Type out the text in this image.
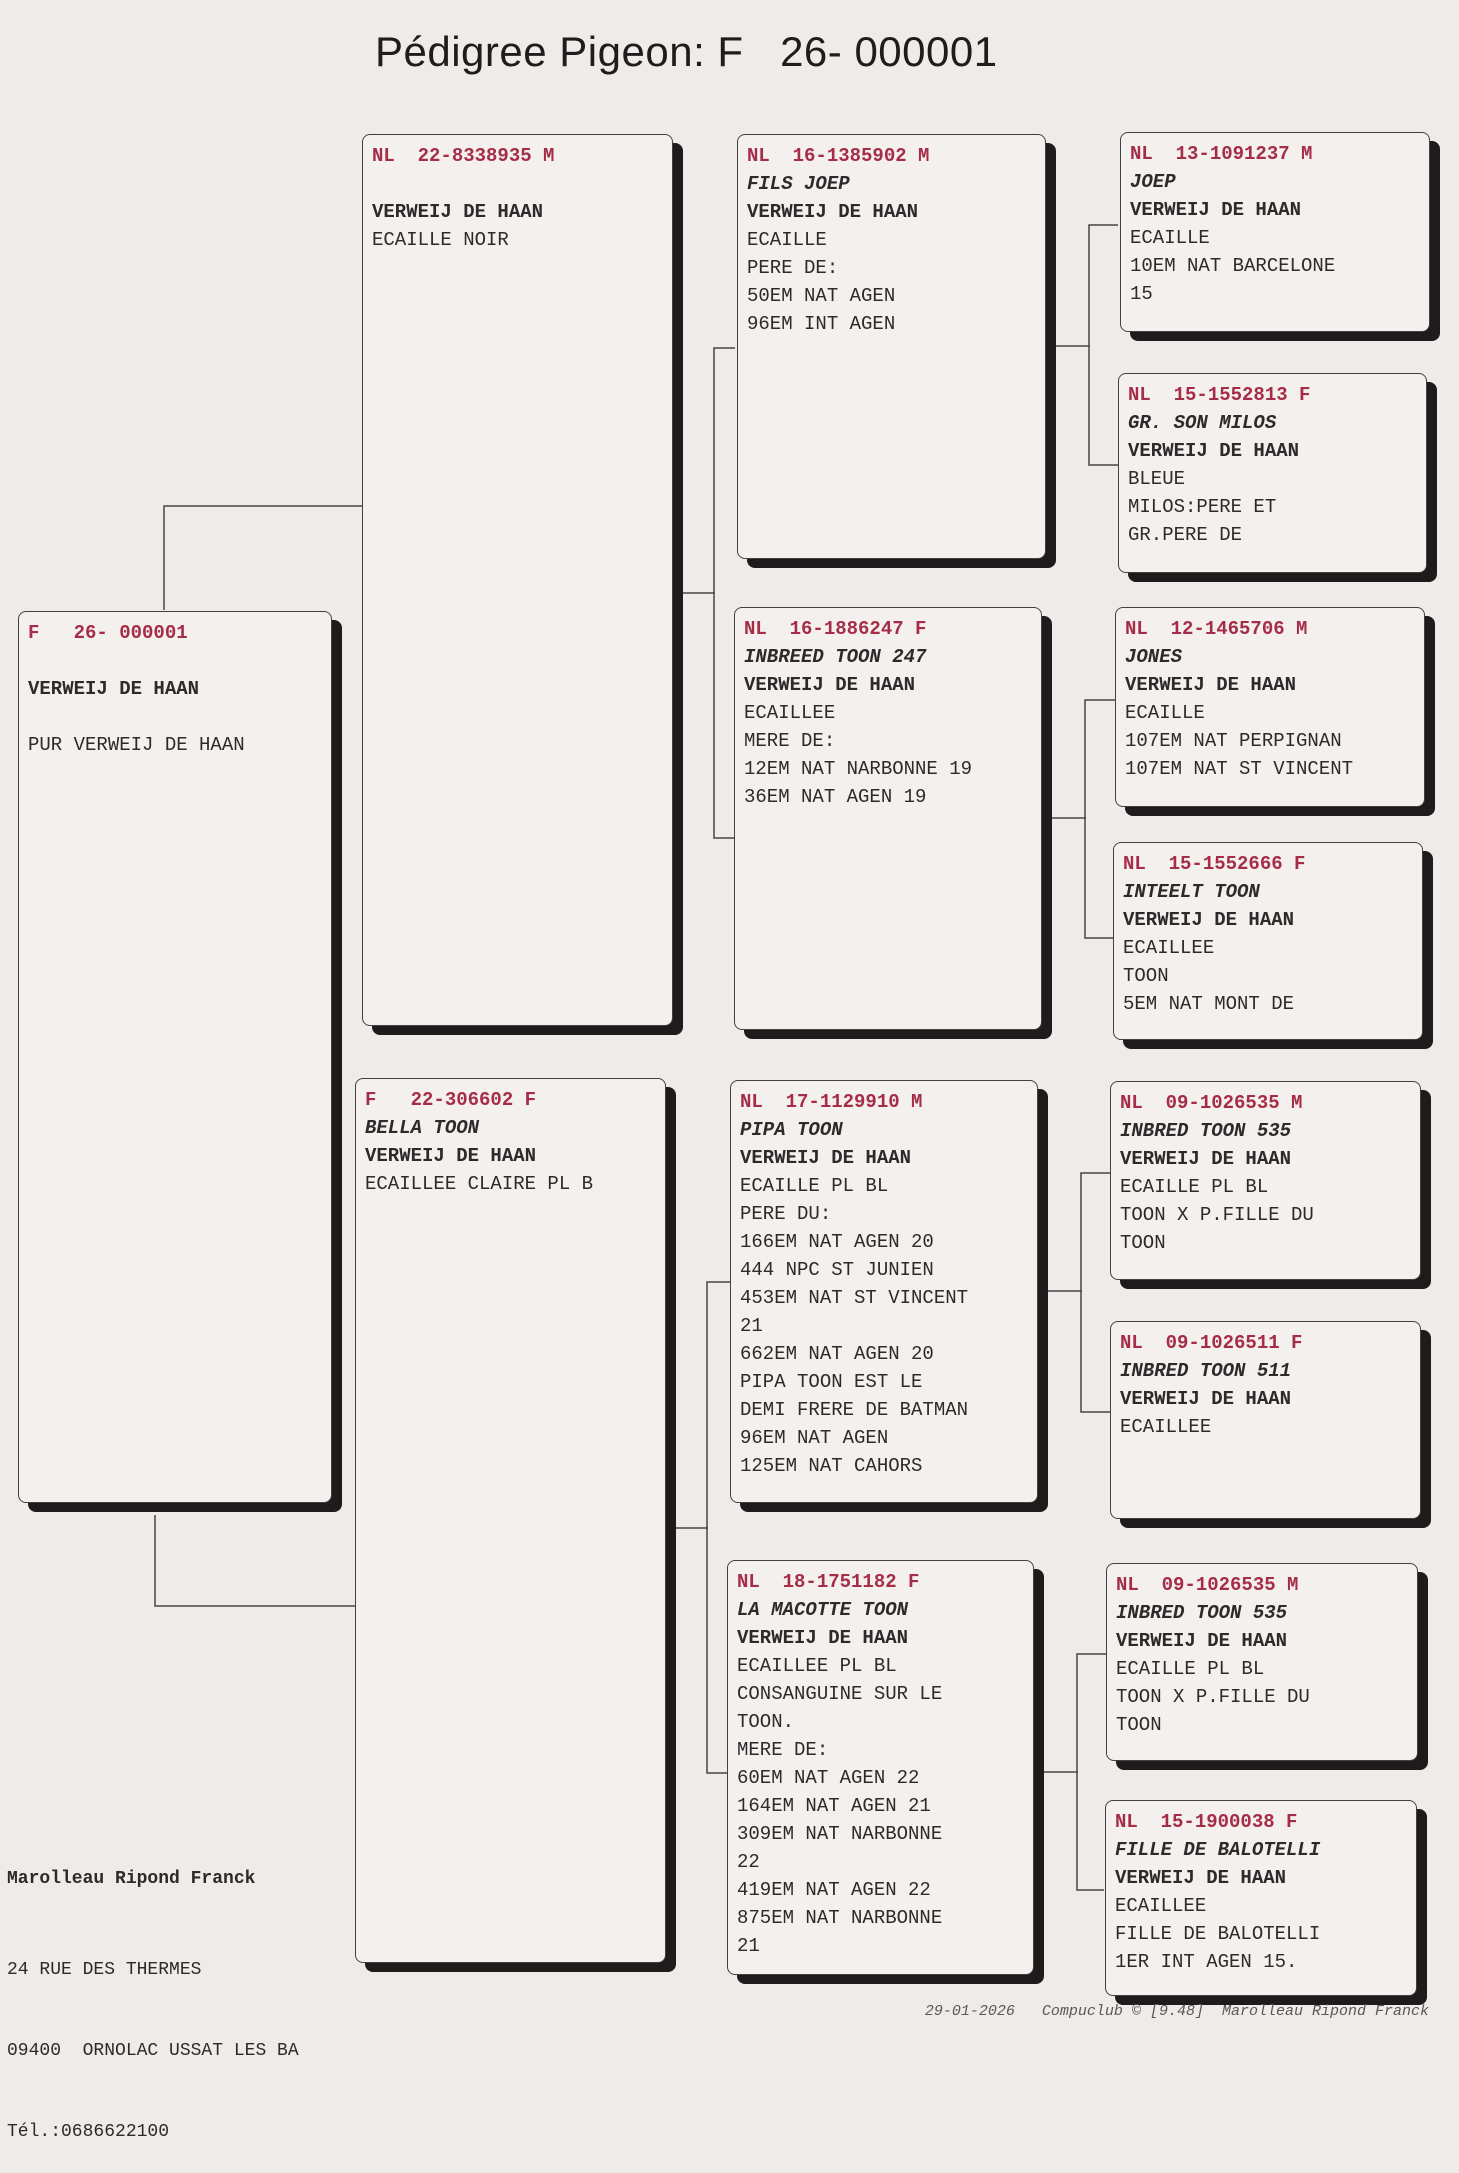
Pédigree Pigeon: F   26- 000001
F   26- 000001
VERWEIJ DE HAAN
PUR VERWEIJ DE HAAN
NL  22-8338935 M
VERWEIJ DE HAAN
ECAILLE NOIR
F   22-306602 F
BELLA TOON
VERWEIJ DE HAAN
ECAILLEE CLAIRE PL B
NL  16-1385902 M
FILS JOEP
VERWEIJ DE HAAN
ECAILLE
PERE DE:
50EM NAT AGEN
96EM INT AGEN
NL  16-1886247 F
INBREED TOON 247
VERWEIJ DE HAAN
ECAILLEE
MERE DE:
12EM NAT NARBONNE 19
36EM NAT AGEN 19
NL  17-1129910 M
PIPA TOON
VERWEIJ DE HAAN
ECAILLE PL BL
PERE DU:
166EM NAT AGEN 20
444 NPC ST JUNIEN
453EM NAT ST VINCENT
21
662EM NAT AGEN 20
PIPA TOON EST LE
DEMI FRERE DE BATMAN
96EM NAT AGEN
125EM NAT CAHORS
NL  18-1751182 F
LA MACOTTE TOON
VERWEIJ DE HAAN
ECAILLEE PL BL
CONSANGUINE SUR LE
TOON.
MERE DE:
60EM NAT AGEN 22
164EM NAT AGEN 21
309EM NAT NARBONNE
22
419EM NAT AGEN 22
875EM NAT NARBONNE
21
NL  13-1091237 M
JOEP
VERWEIJ DE HAAN
ECAILLE
10EM NAT BARCELONE
15
NL  15-1552813 F
GR. SON MILOS
VERWEIJ DE HAAN
BLEUE
MILOS:PERE ET
GR.PERE DE
NL  12-1465706 M
JONES
VERWEIJ DE HAAN
ECAILLE
107EM NAT PERPIGNAN
107EM NAT ST VINCENT
NL  15-1552666 F
INTEELT TOON
VERWEIJ DE HAAN
ECAILLEE
TOON
5EM NAT MONT DE
NL  09-1026535 M
INBRED TOON 535
VERWEIJ DE HAAN
ECAILLE PL BL
TOON X P.FILLE DU
TOON
NL  09-1026511 F
INBRED TOON 511
VERWEIJ DE HAAN
ECAILLEE
NL  09-1026535 M
INBRED TOON 535
VERWEIJ DE HAAN
ECAILLE PL BL
TOON X P.FILLE DU
TOON
NL  15-1900038 F
FILLE DE BALOTELLI
VERWEIJ DE HAAN
ECAILLEE
FILLE DE BALOTELLI
1ER INT AGEN 15.

Marolleau Ripond Franck

24 RUE DES THERMES

09400  ORNOLAC USSAT LES BA

Tél.:0686622100

29-01-2026   Compuclub © [9.48]  Marolleau Ripond Franck
